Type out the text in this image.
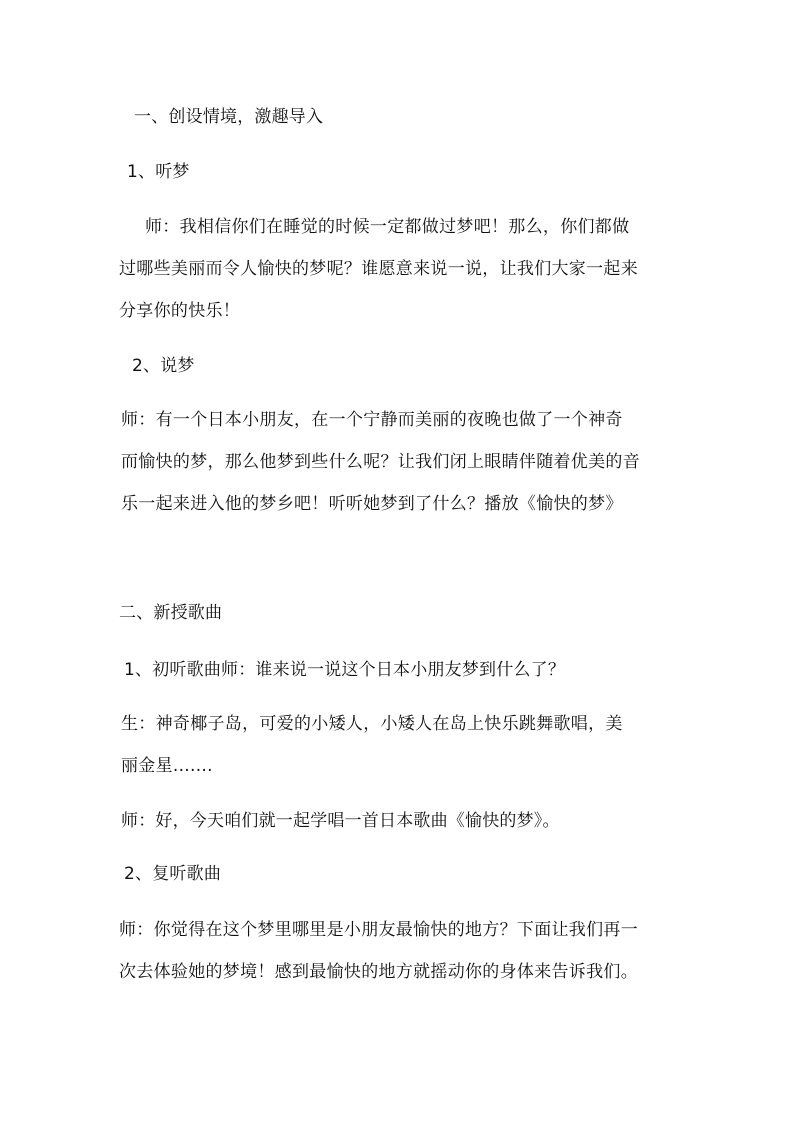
一、创设情境，激趣导入

1、听梦

师：我相信你们在睡觉的时候一定都做过梦吧！那么，你们都做
过哪些美丽而令人愉快的梦呢？谁愿意来说一说，让我们大家一起来
分享你的快乐！

2、说梦

师：有一个日本小朋友，在一个宁静而美丽的夜晚也做了一个神奇
而愉快的梦，那么他梦到些什么呢？让我们闭上眼睛伴随着优美的音
乐一起来进入他的梦乡吧！听听她梦到了什么？播放《愉快的梦》

二、新授歌曲

1、初听歌曲师：谁来说一说这个日本小朋友梦到什么了？

生：神奇椰子岛，可爱的小矮人，小矮人在岛上快乐跳舞歌唱，美
丽金星.......

师：好，今天咱们就一起学唱一首日本歌曲《愉快的梦》。

2、复听歌曲

师：你觉得在这个梦里哪里是小朋友最愉快的地方？下面让我们再一
次去体验她的梦境！感到最愉快的地方就摇动你的身体来告诉我们。
